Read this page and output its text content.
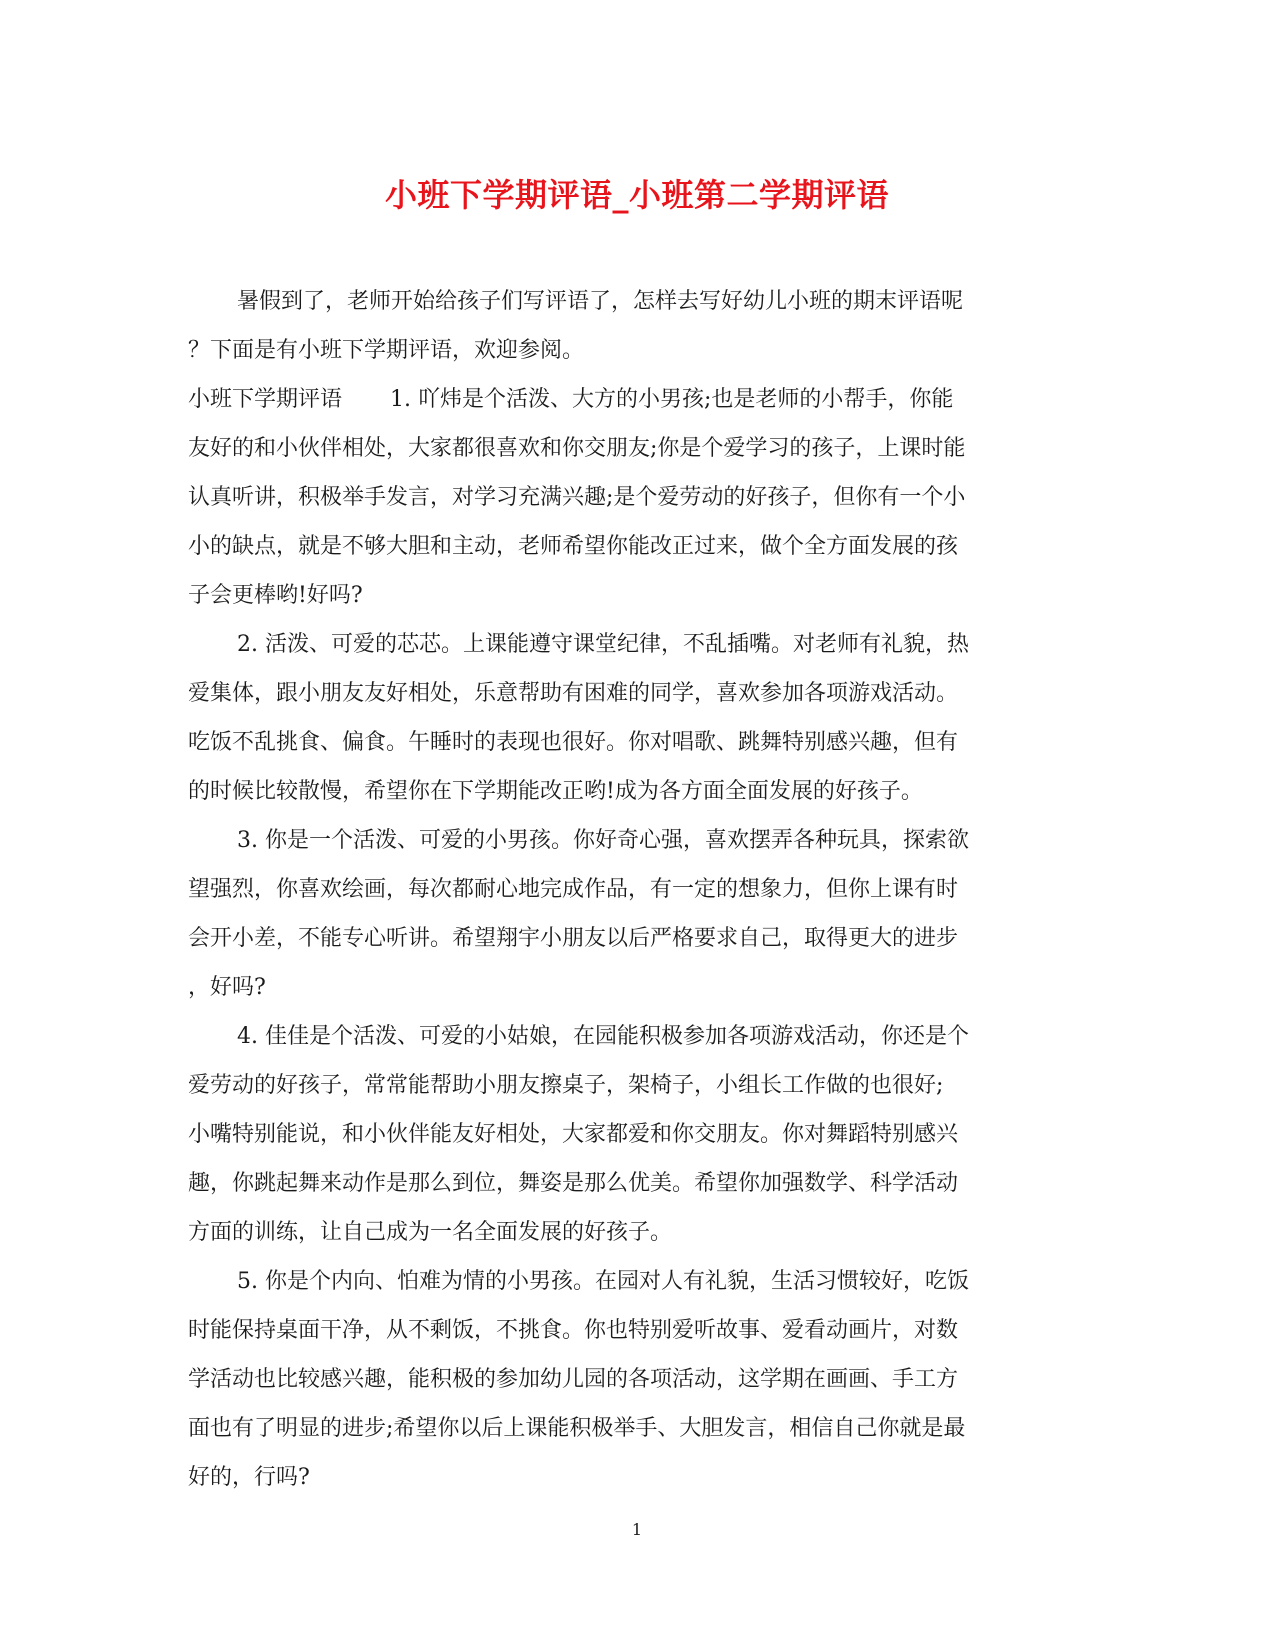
小班下学期评语_小班第二学期评语
暑假到了，老师开始给孩子们写评语了，怎样去写好幼儿小班的期末评语呢
？下面是有小班下学期评语，欢迎参阅。
小班下学期评语 1. 吖炜是个活泼、大方的小男孩;也是老师的小帮手，你能
友好的和小伙伴相处，大家都很喜欢和你交朋友;你是个爱学习的孩子，上课时能
认真听讲，积极举手发言，对学习充满兴趣;是个爱劳动的好孩子，但你有一个小
小的缺点，就是不够大胆和主动，老师希望你能改正过来，做个全方面发展的孩
子会更棒哟!好吗?
2. 活泼、可爱的芯芯。上课能遵守课堂纪律，不乱插嘴。对老师有礼貌，热
爱集体，跟小朋友友好相处，乐意帮助有困难的同学，喜欢参加各项游戏活动。
吃饭不乱挑食、偏食。午睡时的表现也很好。你对唱歌、跳舞特别感兴趣，但有
的时候比较散慢，希望你在下学期能改正哟!成为各方面全面发展的好孩子。
3. 你是一个活泼、可爱的小男孩。你好奇心强，喜欢摆弄各种玩具，探索欲
望强烈，你喜欢绘画，每次都耐心地完成作品，有一定的想象力，但你上课有时
会开小差，不能专心听讲。希望翔宇小朋友以后严格要求自己，取得更大的进步
，好吗?
4. 佳佳是个活泼、可爱的小姑娘，在园能积极参加各项游戏活动，你还是个
爱劳动的好孩子，常常能帮助小朋友擦桌子，架椅子，小组长工作做的也很好;
小嘴特别能说，和小伙伴能友好相处，大家都爱和你交朋友。你对舞蹈特别感兴
趣，你跳起舞来动作是那么到位，舞姿是那么优美。希望你加强数学、科学活动
方面的训练，让自己成为一名全面发展的好孩子。
5. 你是个内向、怕难为情的小男孩。在园对人有礼貌，生活习惯较好，吃饭
时能保持桌面干净，从不剩饭，不挑食。你也特别爱听故事、爱看动画片，对数
学活动也比较感兴趣，能积极的参加幼儿园的各项活动，这学期在画画、手工方
面也有了明显的进步;希望你以后上课能积极举手、大胆发言，相信自己你就是最
好的，行吗?
1
